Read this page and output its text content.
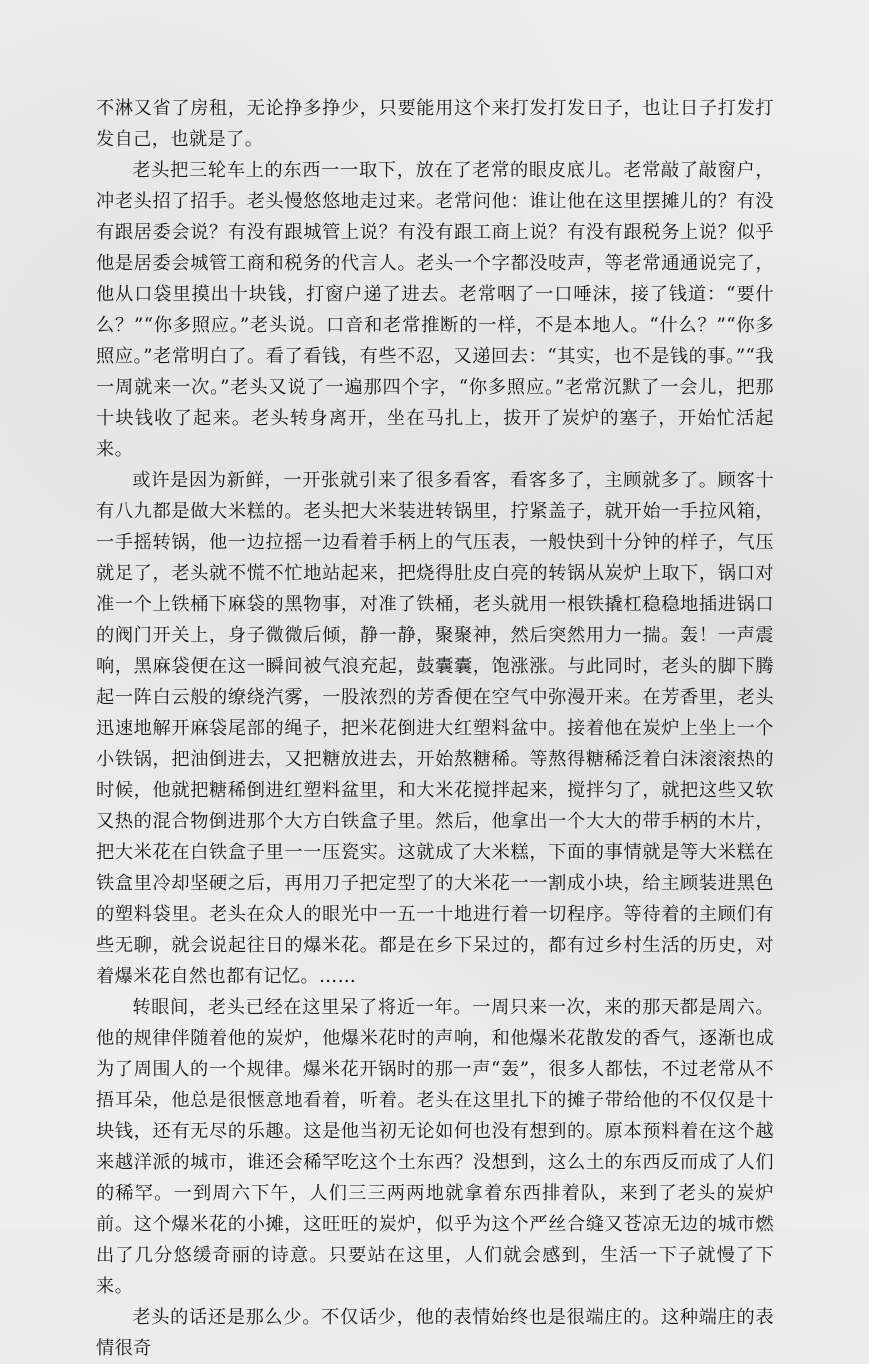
不淋又省了房租，无论挣多挣少，只要能用这个来打发打发日子，也让日子打发打发自己，也就是了。

老头把三轮车上的东西一一取下，放在了老常的眼皮底儿。老常敲了敲窗户，冲老头招了招手。老头慢悠悠地走过来。老常问他：谁让他在这里摆摊儿的？有没有跟居委会说？有没有跟城管上说？有没有跟工商上说？有没有跟税务上说？似乎他是居委会城管工商和税务的代言人。老头一个字都没吱声，等老常通通说完了，他从口袋里摸出十块钱，打窗户递了进去。老常咽了一口唾沫，接了钱道：“要什么？”“你多照应。”老头说。口音和老常推断的一样，不是本地人。“什么？”“你多照应。”老常明白了。看了看钱，有些不忍，又递回去：“其实，也不是钱的事。”“我一周就来一次。”老头又说了一遍那四个字，“你多照应。”老常沉默了一会儿，把那十块钱收了起来。老头转身离开，坐在马扎上，拔开了炭炉的塞子，开始忙活起来。

或许是因为新鲜，一开张就引来了很多看客，看客多了，主顾就多了。顾客十有八九都是做大米糕的。老头把大米装进转锅里，拧紧盖子，就开始一手拉风箱，一手摇转锅，他一边拉摇一边看着手柄上的气压表，一般快到十分钟的样子，气压就足了，老头就不慌不忙地站起来，把烧得肚皮白亮的转锅从炭炉上取下，锅口对准一个上铁桶下麻袋的黑物事，对准了铁桶，老头就用一根铁撬杠稳稳地插进锅口的阀门开关上，身子微微后倾，静一静，聚聚神，然后突然用力一揣。轰！一声震响，黑麻袋便在这一瞬间被气浪充起，鼓囊囊，饱涨涨。与此同时，老头的脚下腾起一阵白云般的缭绕汽雾，一股浓烈的芳香便在空气中弥漫开来。在芳香里，老头迅速地解开麻袋尾部的绳子，把米花倒进大红塑料盆中。接着他在炭炉上坐上一个小铁锅，把油倒进去，又把糖放进去，开始熬糖稀。等熬得糖稀泛着白沫滚滚热的时候，他就把糖稀倒进红塑料盆里，和大米花搅拌起来，搅拌匀了，就把这些又软又热的混合物倒进那个大方白铁盒子里。然后，他拿出一个大大的带手柄的木片，把大米花在白铁盒子里一一压瓷实。这就成了大米糕，下面的事情就是等大米糕在铁盒里冷却坚硬之后，再用刀子把定型了的大米花一一割成小块，给主顾装进黑色的塑料袋里。老头在众人的眼光中一五一十地进行着一切程序。等待着的主顾们有些无聊，就会说起往日的爆米花。都是在乡下呆过的，都有过乡村生活的历史，对着爆米花自然也都有记忆。……

转眼间，老头已经在这里呆了将近一年。一周只来一次，来的那天都是周六。他的规律伴随着他的炭炉，他爆米花时的声响，和他爆米花散发的香气，逐渐也成为了周围人的一个规律。爆米花开锅时的那一声“轰”，很多人都怯，不过老常从不捂耳朵，他总是很惬意地看着，听着。老头在这里扎下的摊子带给他的不仅仅是十块钱，还有无尽的乐趣。这是他当初无论如何也没有想到的。原本预料着在这个越来越洋派的城市，谁还会稀罕吃这个土东西？没想到，这么土的东西反而成了人们的稀罕。一到周六下午，人们三三两两地就拿着东西排着队，来到了老头的炭炉前。这个爆米花的小摊，这旺旺的炭炉，似乎为这个严丝合缝又苍凉无边的城市燃出了几分悠缓奇丽的诗意。只要站在这里，人们就会感到，生活一下子就慢了下来。

老头的话还是那么少。不仅话少，他的表情始终也是很端庄的。这种端庄的表情很奇
